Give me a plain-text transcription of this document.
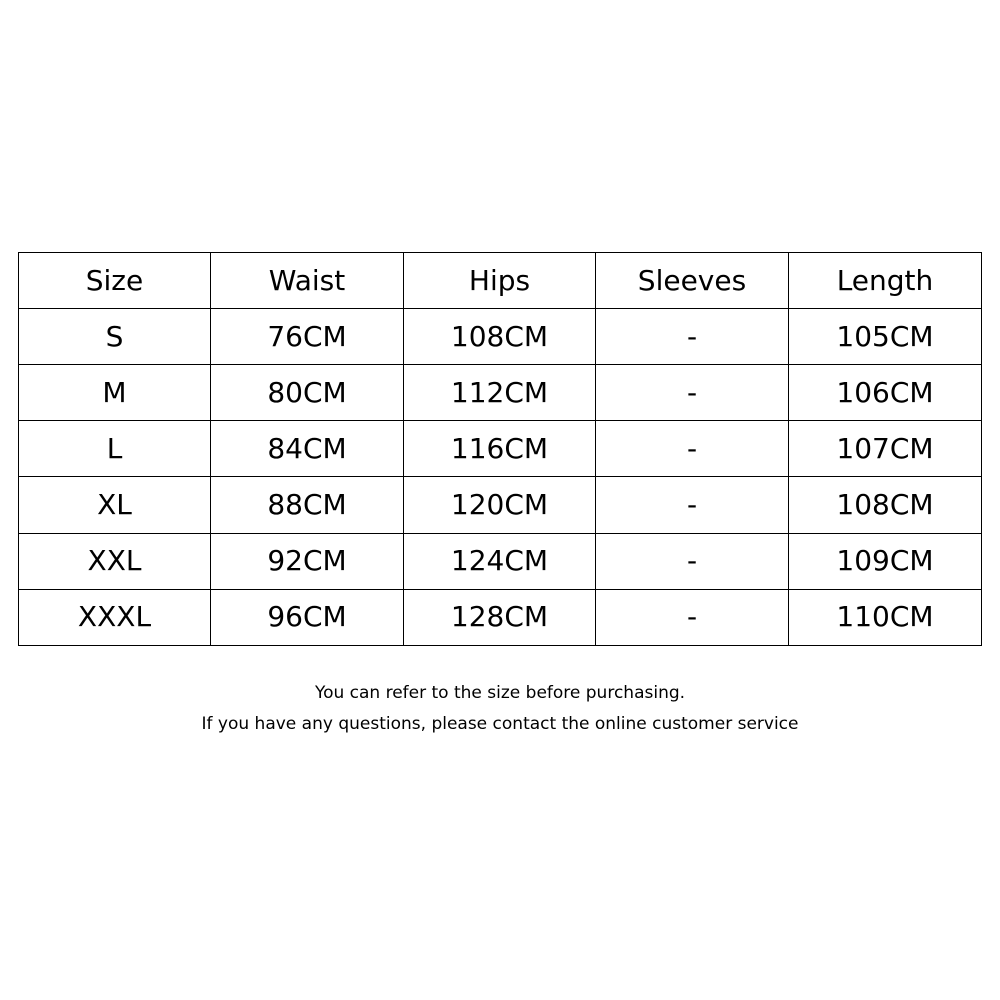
Size	Waist	Hips	Sleeves	Length
S	76CM	108CM	-	105CM
M	80CM	112CM	-	106CM
L	84CM	116CM	-	107CM
XL	88CM	120CM	-	108CM
XXL	92CM	124CM	-	109CM
XXXL	96CM	128CM	-	110CM
You can refer to the size before purchasing.
If you have any questions, please contact the online customer service
